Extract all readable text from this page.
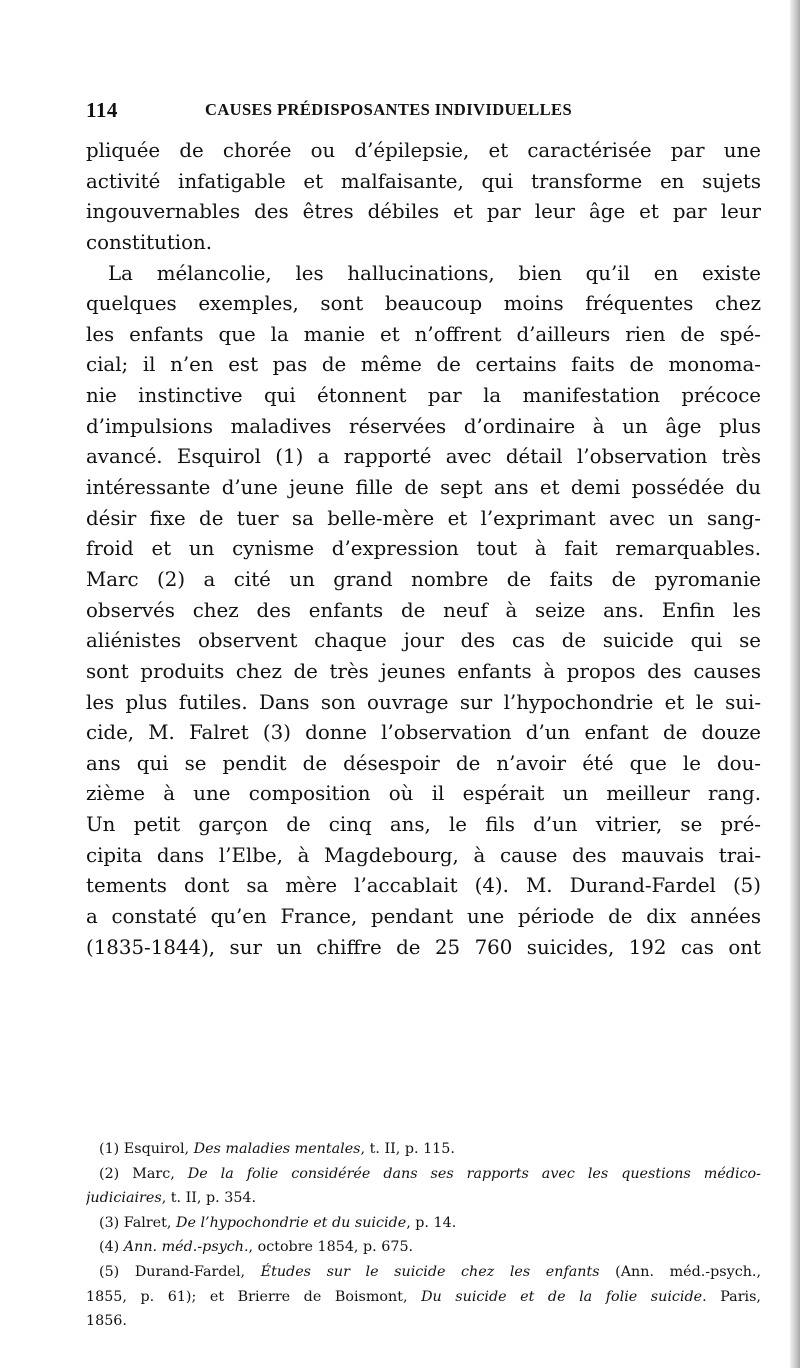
114	CAUSES PRÉDISPOSANTES INDIVIDUELLES
pliquée de chorée ou d’épilepsie, et caractérisée par une
activité infatigable et malfaisante, qui transforme en sujets
ingouvernables des êtres débiles et par leur âge et par leur
constitution.
La mélancolie, les hallucinations, bien qu’il en existe
quelques exemples, sont beaucoup moins fréquentes chez
les enfants que la manie et n’offrent d’ailleurs rien de spé-
cial; il n’en est pas de même de certains faits de monoma-
nie instinctive qui étonnent par la manifestation précoce
d’impulsions maladives réservées d’ordinaire à un âge plus
avancé. Esquirol (1) a rapporté avec détail l’observation très
intéressante d’une jeune fille de sept ans et demi possédée du
désir fixe de tuer sa belle-mère et l’exprimant avec un sang-
froid et un cynisme d’expression tout à fait remarquables.
Marc (2) a cité un grand nombre de faits de pyromanie
observés chez des enfants de neuf à seize ans. Enfin les
aliénistes observent chaque jour des cas de suicide qui se
sont produits chez de très jeunes enfants à propos des causes
les plus futiles. Dans son ouvrage sur l’hypochondrie et le sui-
cide, M. Falret (3) donne l’observation d’un enfant de douze
ans qui se pendit de désespoir de n’avoir été que le dou-
zième à une composition où il espérait un meilleur rang.
Un petit garçon de cinq ans, le fils d’un vitrier, se pré-
cipita dans l’Elbe, à Magdebourg, à cause des mauvais trai-
tements dont sa mère l’accablait (4). M. Durand-Fardel (5)
a constaté qu’en France, pendant une période de dix années
(1835-1844), sur un chiffre de 25 760 suicides, 192 cas ont
(1) Esquirol, Des maladies mentales, t. II, p. 115.
(2) Marc, De la folie considérée dans ses rapports avec les questions médico-
judiciaires, t. II, p. 354.
(3) Falret, De l’hypochondrie et du suicide, p. 14.
(4) Ann. méd.-psych., octobre 1854, p. 675.
(5) Durand-Fardel, Études sur le suicide chez les enfants (Ann. méd.-psych.,
1855, p. 61); et Brierre de Boismont, Du suicide et de la folie suicide. Paris,
1856.
